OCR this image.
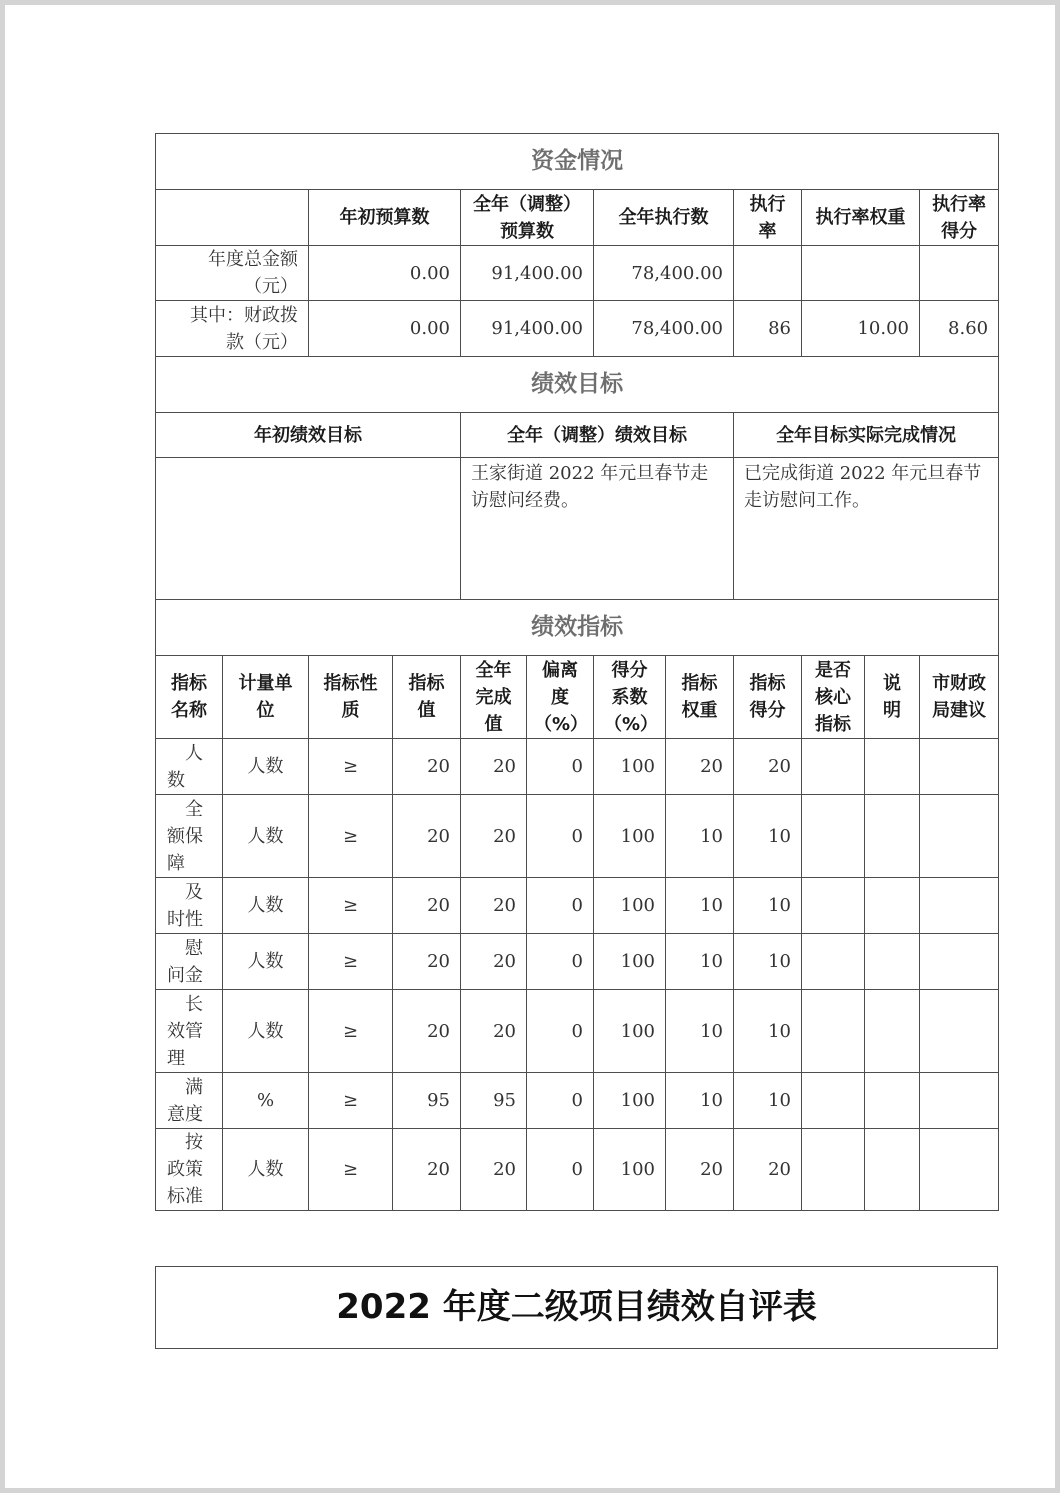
资金情况											
		年初预算数		全年（调整）预算数		全年执行数		执行率	执行率权重		执行率得分
年度总金额（元）		0.00		91,400.00		78,400.00					
其中：财政拨款（元）		0.00		91,400.00		78,400.00		86	10.00		8.60
绩效目标											
年初绩效目标				全年（调整）绩效目标				全年目标实际完成情况			
				王家街道 2022 年元旦春节走访慰问经费。				已完成街道 2022 年元旦春节走访慰问工作。			
绩效指标											
指标名称	计量单位	指标性质	指标值	全年完成值	偏离度（%）	得分系数（%）	指标权重	指标得分	是否核心指标	说明	市财政局建议
人数	人数	≥	20	20	0	100	20	20			
全额保障	人数	≥	20	20	0	100	10	10			
及时性	人数	≥	20	20	0	100	10	10			
慰问金	人数	≥	20	20	0	100	10	10			
长效管理	人数	≥	20	20	0	100	10	10			
满意度	%	≥	95	95	0	100	10	10			
按政策标准	人数	≥	20	20	0	100	20	20			
2022 年度二级项目绩效自评表
